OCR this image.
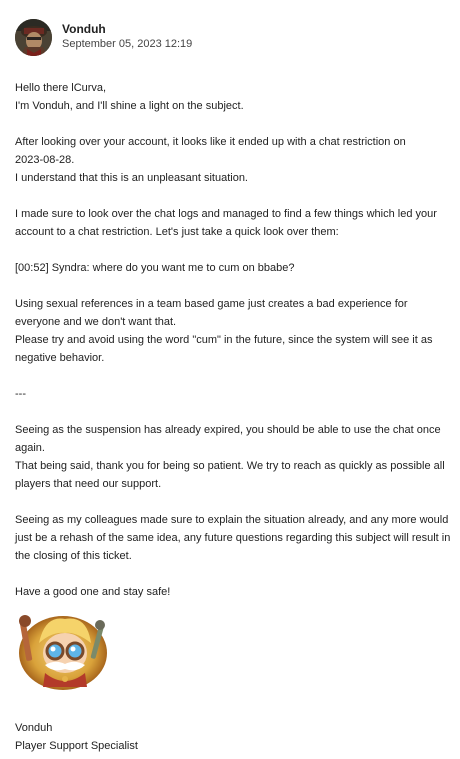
Vonduh
September 05, 2023 12:19
Hello there lCurva,
I'm Vonduh, and I'll shine a light on the subject.
After looking over your account, it looks like it ended up with a chat restriction on
2023-08-28.
I understand that this is an unpleasant situation.
I made sure to look over the chat logs and managed to find a few things which led your
account to a chat restriction. Let's just take a quick look over them:
[00:52] Syndra: where do you want me to cum on bbabe?
Using sexual references in a team based game just creates a bad experience for
everyone and we don't want that.
Please try and avoid using the word "cum" in the future, since the system will see it as
negative behavior.
---
Seeing as the suspension has already expired, you should be able to use the chat once
again.
That being said, thank you for being so patient. We try to reach as quickly as possible all
players that need our support.
Seeing as my colleagues made sure to explain the situation already, and any more would
just be a rehash of the same idea, any future questions regarding this subject will result in
the closing of this ticket.
Have a good one and stay safe!
Vonduh
Player Support Specialist
